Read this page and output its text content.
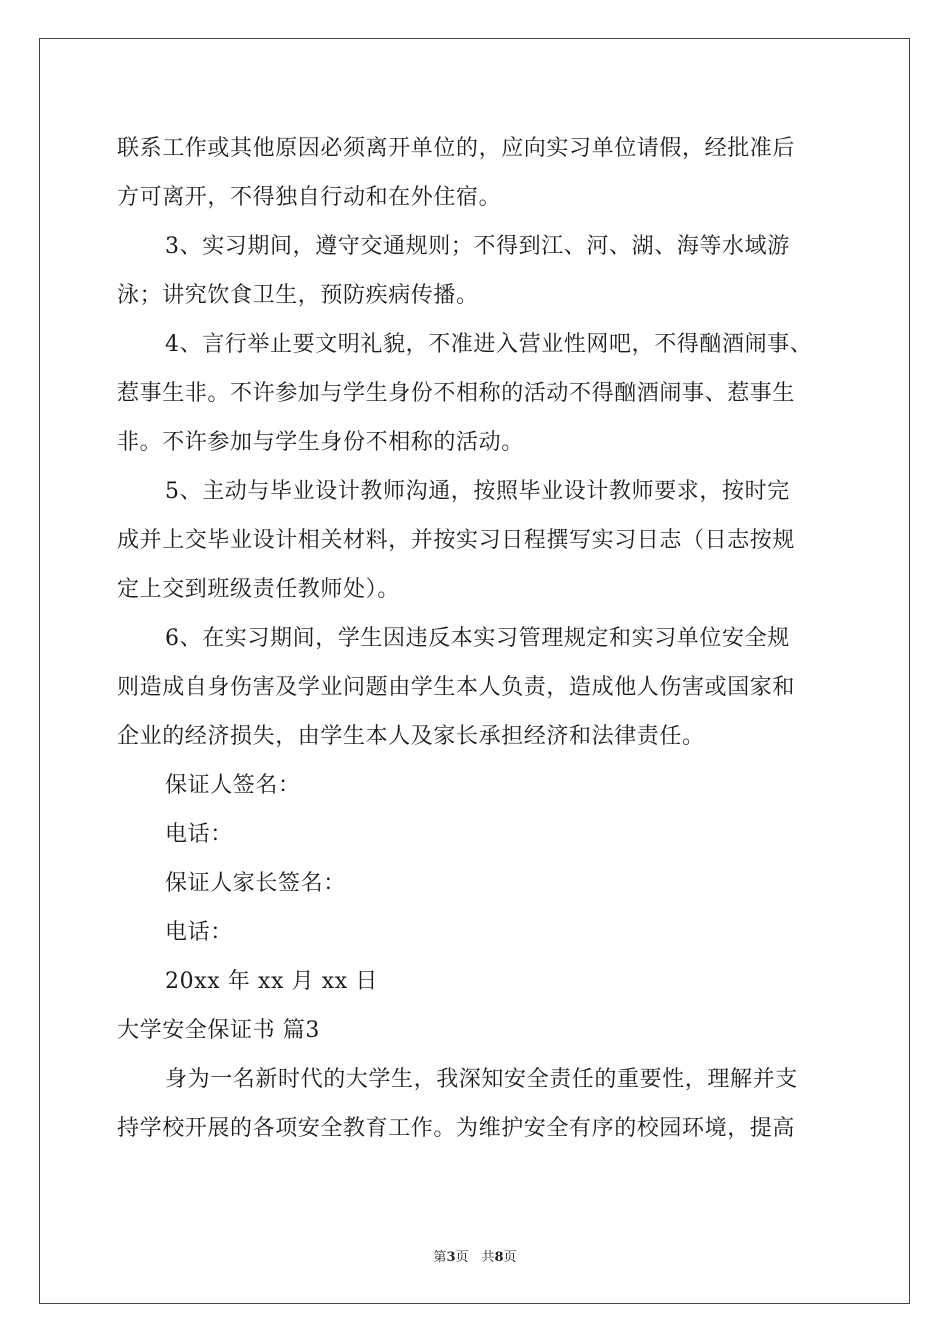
联系工作或其他原因必须离开单位的，应向实习单位请假，经批准后
方可离开，不得独自行动和在外住宿。
3、实习期间，遵守交通规则；不得到江、河、湖、海等水域游
泳；讲究饮食卫生，预防疾病传播。
4、言行举止要文明礼貌，不准进入营业性网吧，不得酗酒闹事、
惹事生非。不许参加与学生身份不相称的活动不得酗酒闹事、惹事生
非。不许参加与学生身份不相称的活动。
5、主动与毕业设计教师沟通，按照毕业设计教师要求，按时完
成并上交毕业设计相关材料，并按实习日程撰写实习日志（日志按规
定上交到班级责任教师处）。
6、在实习期间，学生因违反本实习管理规定和实习单位安全规
则造成自身伤害及学业问题由学生本人负责，造成他人伤害或国家和
企业的经济损失，由学生本人及家长承担经济和法律责任。
保证人签名：
电话：
保证人家长签名：
电话：
20xx 年 xx 月 xx 日
大学安全保证书 篇3
身为一名新时代的大学生，我深知安全责任的重要性，理解并支
持学校开展的各项安全教育工作。为维护安全有序的校园环境，提高
第3页　共8页
